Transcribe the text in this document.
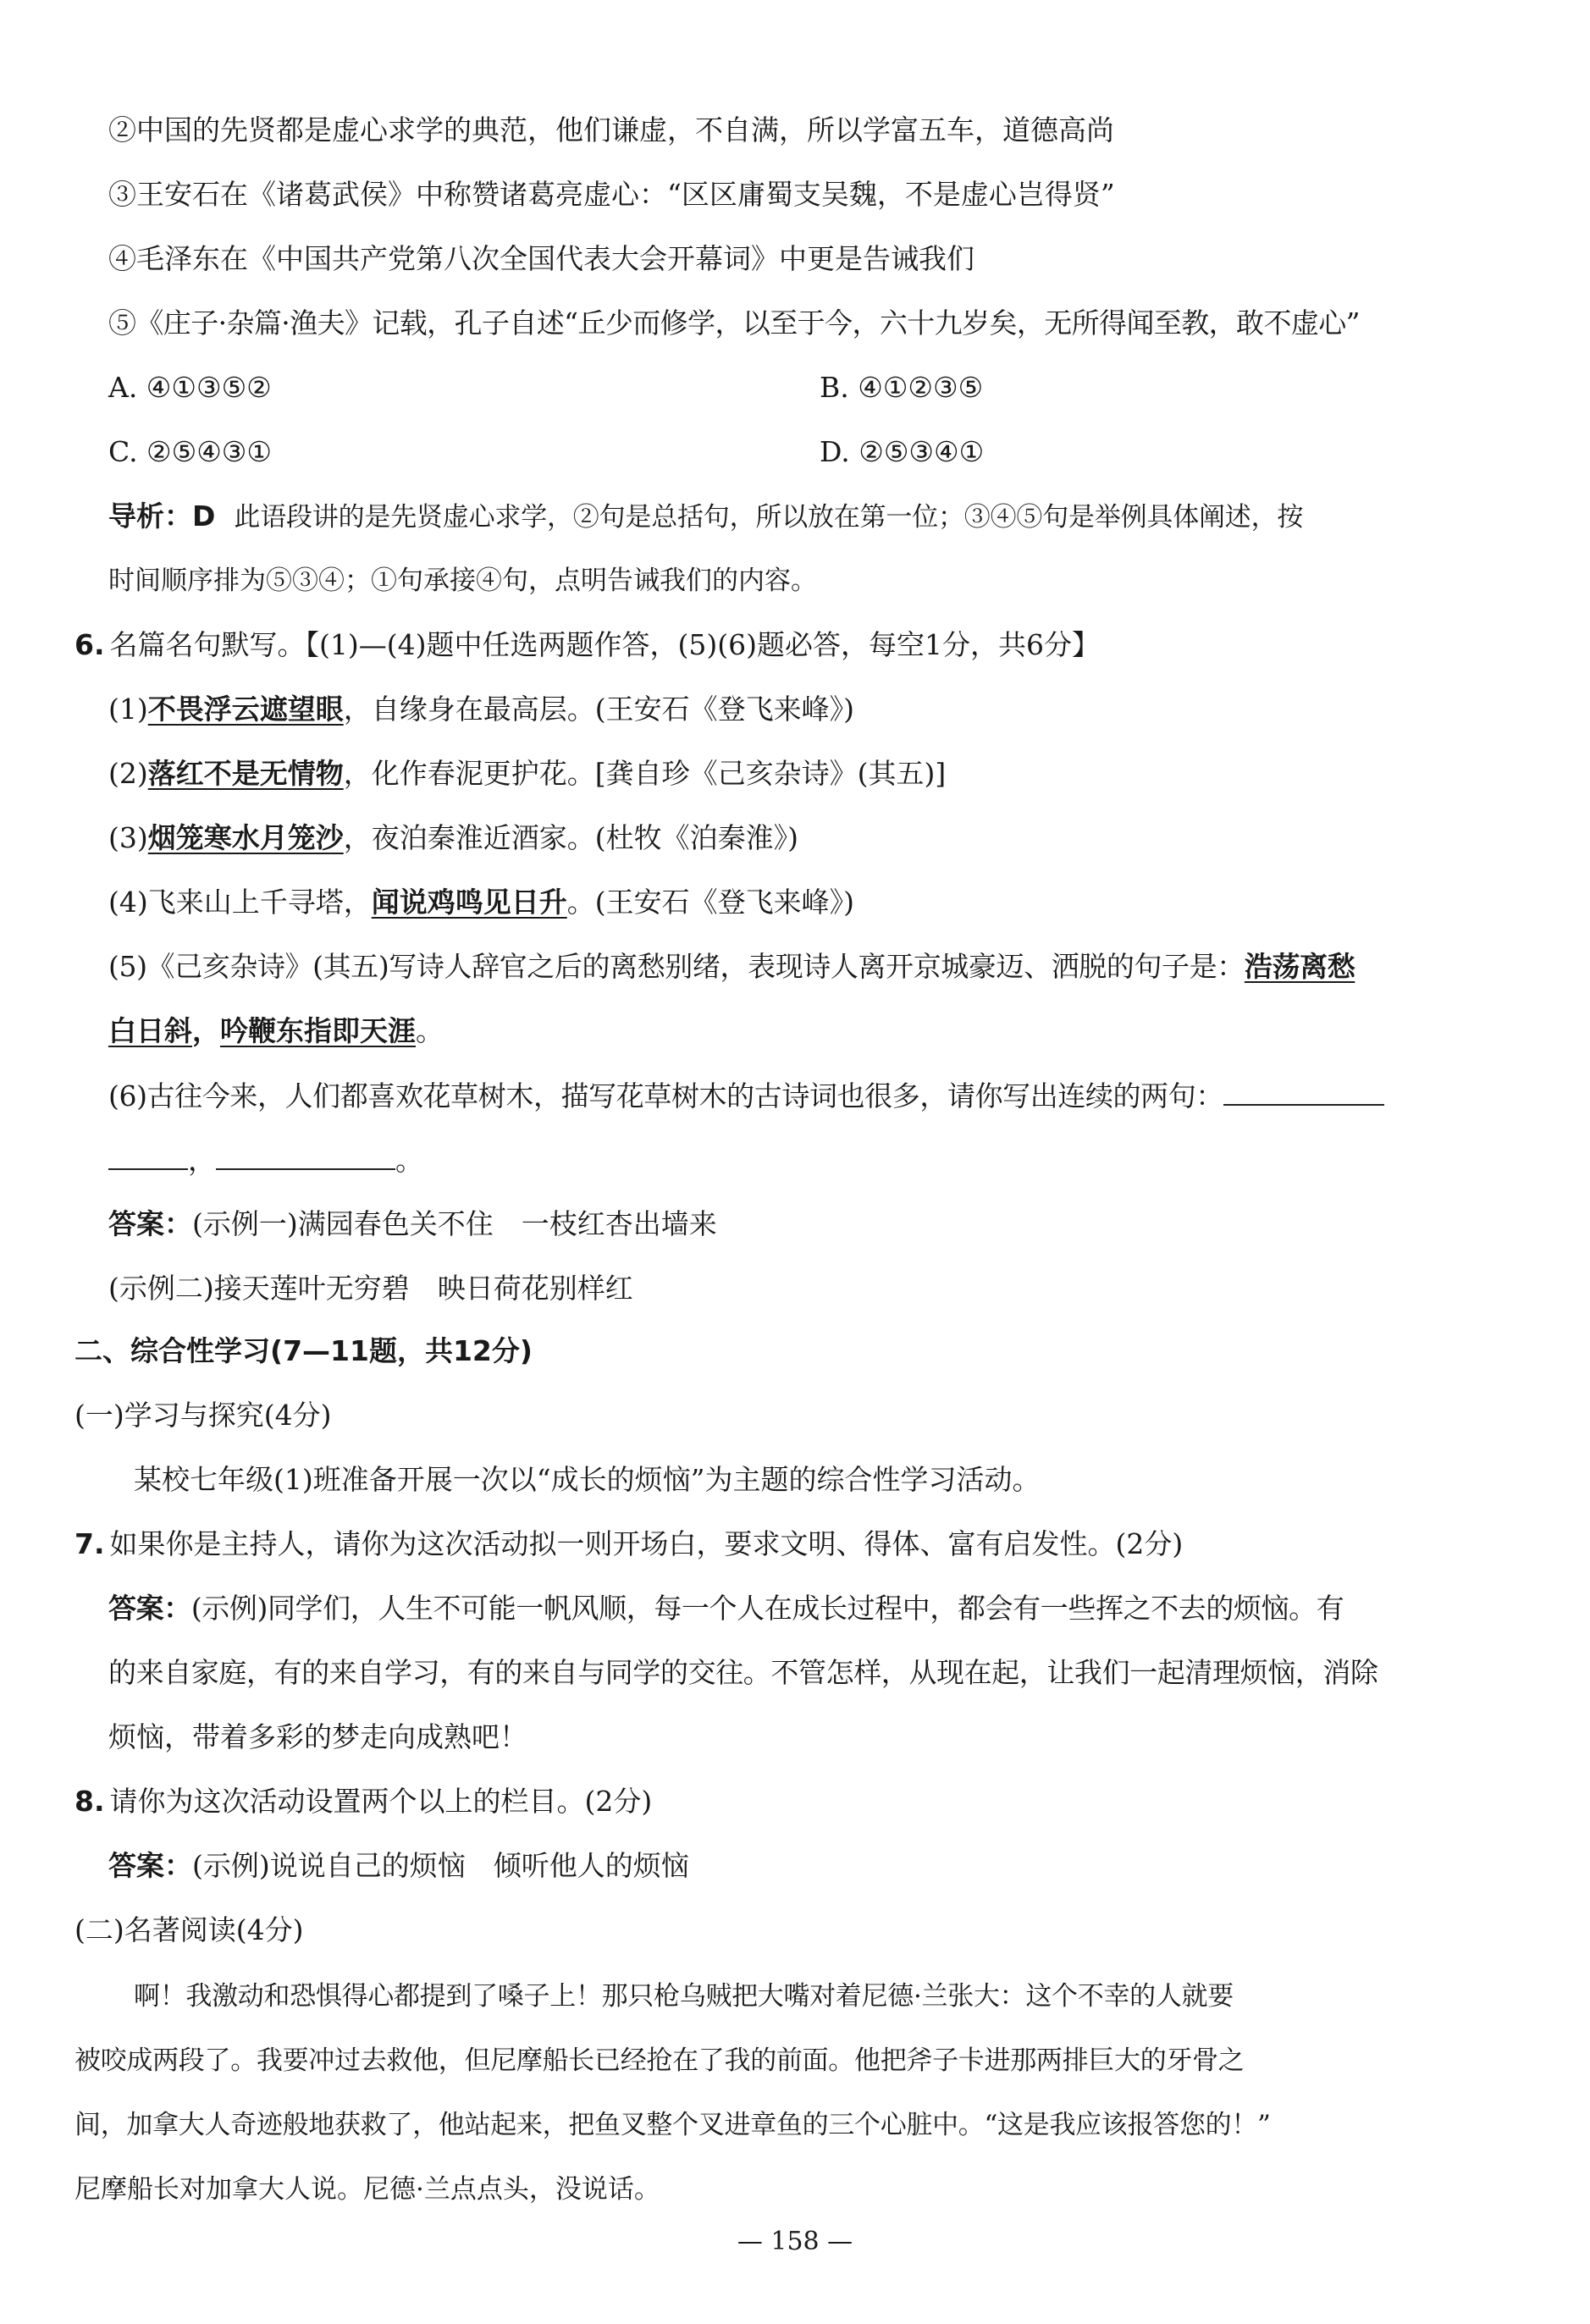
②中国的先贤都是虚心求学的典范，他们谦虚，不自满，所以学富五车，道德高尚
③王安石在《诸葛武侯》中称赞诸葛亮虚心：“区区庸蜀支吴魏，不是虚心岂得贤”
④毛泽东在《中国共产党第八次全国代表大会开幕词》中更是告诫我们
⑤《庄子·杂篇·渔夫》记载，孔子自述“丘少而修学，以至于今，六十九岁矣，无所得闻至教，敢不虚心”
A. ④①③⑤②	B. ④①②③⑤
C. ②⑤④③①	D. ②⑤③④①
导析：D 此语段讲的是先贤虚心求学，②句是总括句，所以放在第一位；③④⑤句是举例具体阐述，按
时间顺序排为⑤③④；①句承接④句，点明告诫我们的内容。
6. 名篇名句默写。【(1)—(4)题中任选两题作答，(5)(6)题必答，每空1分，共6分】
(1)不畏浮云遮望眼，自缘身在最高层。(王安石《登飞来峰》)
(2)落红不是无情物，化作春泥更护花。[龚自珍《己亥杂诗》(其五)]
(3)烟笼寒水月笼沙，夜泊秦淮近酒家。(杜牧《泊秦淮》)
(4)飞来山上千寻塔，闻说鸡鸣见日升。(王安石《登飞来峰》)
(5)《己亥杂诗》(其五)写诗人辞官之后的离愁别绪，表现诗人离开京城豪迈、洒脱的句子是：浩荡离愁
白日斜，吟鞭东指即天涯。
(6)古往今来，人们都喜欢花草树木，描写花草树木的古诗词也很多，请你写出连续的两句：
，	。
答案：(示例一)满园春色关不住　一枝红杏出墙来
(示例二)接天莲叶无穷碧　映日荷花别样红
二、综合性学习(7—11题，共12分)
(一)学习与探究(4分)
某校七年级(1)班准备开展一次以“成长的烦恼”为主题的综合性学习活动。
7. 如果你是主持人，请你为这次活动拟一则开场白，要求文明、得体、富有启发性。(2分)
答案：(示例)同学们，人生不可能一帆风顺，每一个人在成长过程中，都会有一些挥之不去的烦恼。有
的来自家庭，有的来自学习，有的来自与同学的交往。不管怎样，从现在起，让我们一起清理烦恼，消除
烦恼，带着多彩的梦走向成熟吧！
8. 请你为这次活动设置两个以上的栏目。(2分)
答案：(示例)说说自己的烦恼　倾听他人的烦恼
(二)名著阅读(4分)
啊！我激动和恐惧得心都提到了嗓子上！那只枪乌贼把大嘴对着尼德·兰张大：这个不幸的人就要
被咬成两段了。我要冲过去救他，但尼摩船长已经抢在了我的前面。他把斧子卡进那两排巨大的牙骨之
间，加拿大人奇迹般地获救了，他站起来，把鱼叉整个叉进章鱼的三个心脏中。“这是我应该报答您的！”
尼摩船长对加拿大人说。尼德·兰点点头，没说话。
— 158 —
